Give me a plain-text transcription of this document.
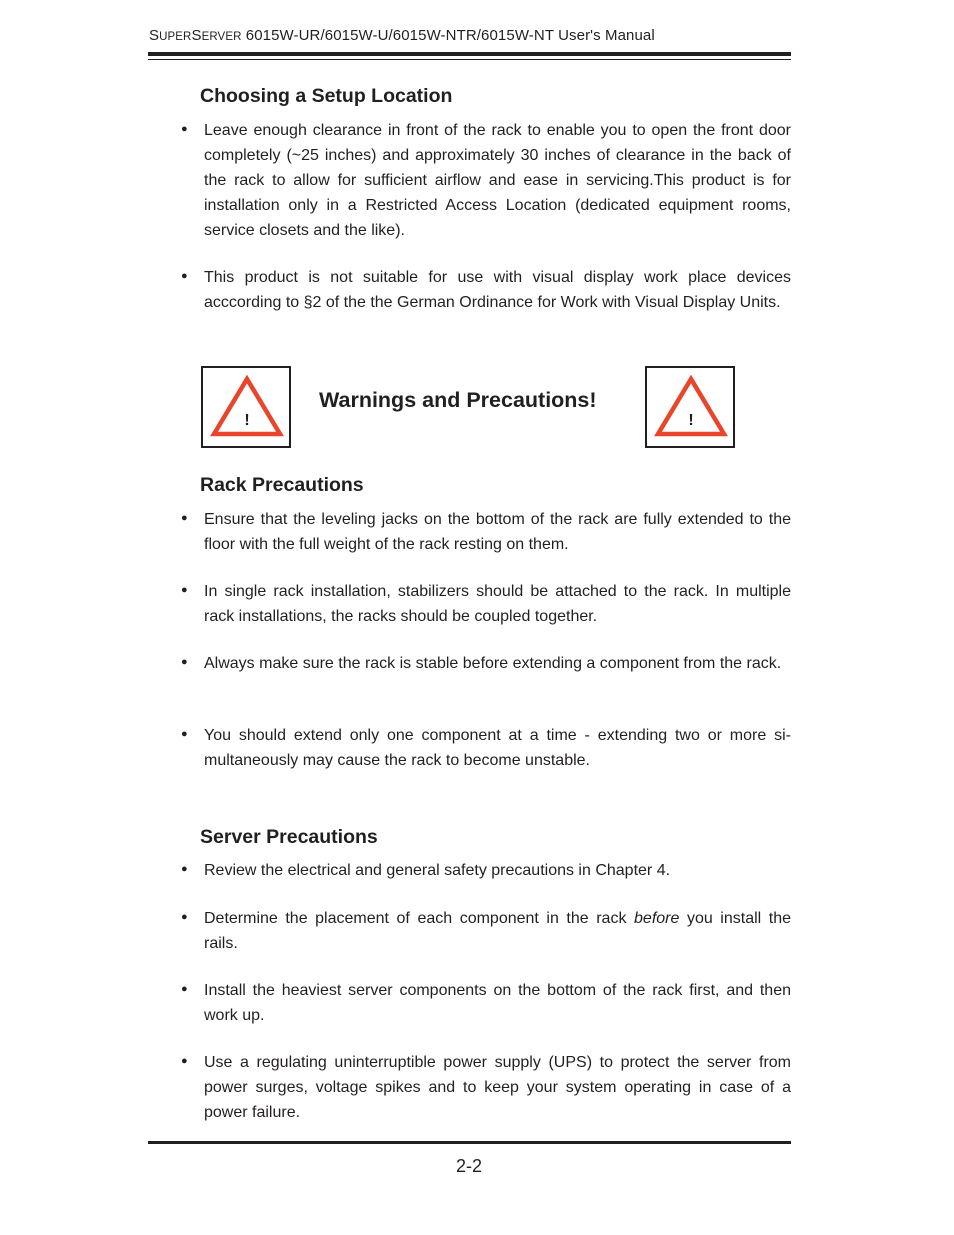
SUPERSERVER 6015W-UR/6015W-U/6015W-NTR/6015W-NT User's Manual
Choosing a Setup Location
● Leave enough clearance in front of the rack to enable you to open the front door completely (~25 inches) and approximately 30 inches of clearance in the back of the rack to allow for sufficient airflow and ease in servicing.This product is for installation only in a Restricted Access Location (dedicated equipment rooms, service closets and the like).
● This product is not suitable for use with visual display work place devices acccording to §2 of the the German Ordinance for Work with Visual Display Units.
!
Warnings and Precautions!
!
Rack Precautions
● Ensure that the leveling jacks on the bottom of the rack are fully extended to the floor with the full weight of the rack resting on them.
● In single rack installation, stabilizers should be attached to the rack. In multiple rack installations, the racks should be coupled together.
● Always make sure the rack is stable before extending a component from the rack.
● You should extend only one component at a time - extending two or more si-multaneously may cause the rack to become unstable.
Server Precautions
● Review the electrical and general safety precautions in Chapter 4.
● Determine the placement of each component in the rack before you install the rails.
● Install the heaviest server components on the bottom of the rack first, and then work up.
● Use a regulating uninterruptible power supply (UPS) to protect the server from power surges, voltage spikes and to keep your system operating in case of a power failure.
2-2
